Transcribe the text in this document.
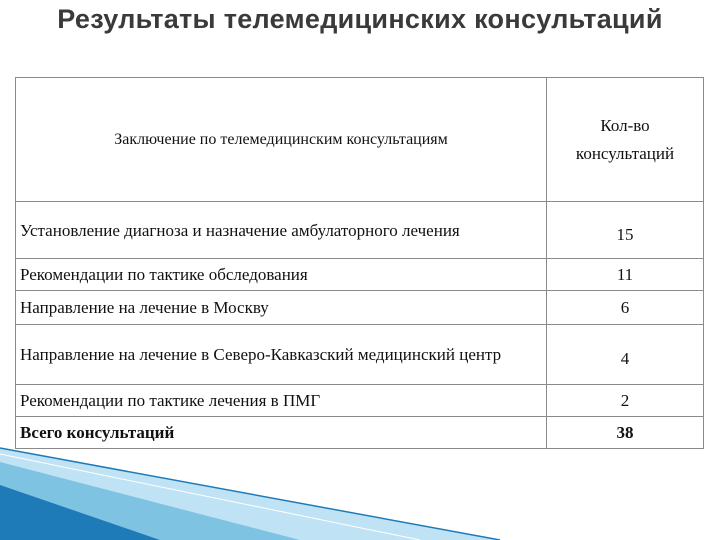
Результаты телемедицинских консультаций
Заключение по телемедицинским консультациям	Кол-во
консультаций
Установление диагноза и назначение амбулаторного лечения	15
Рекомендации по тактике обследования	11
Направление на лечение в Москву	6
Направление на лечение в Северо-Кавказский медицинский центр	4
Рекомендации по тактике лечения в ПМГ	2
Всего консультаций	38
